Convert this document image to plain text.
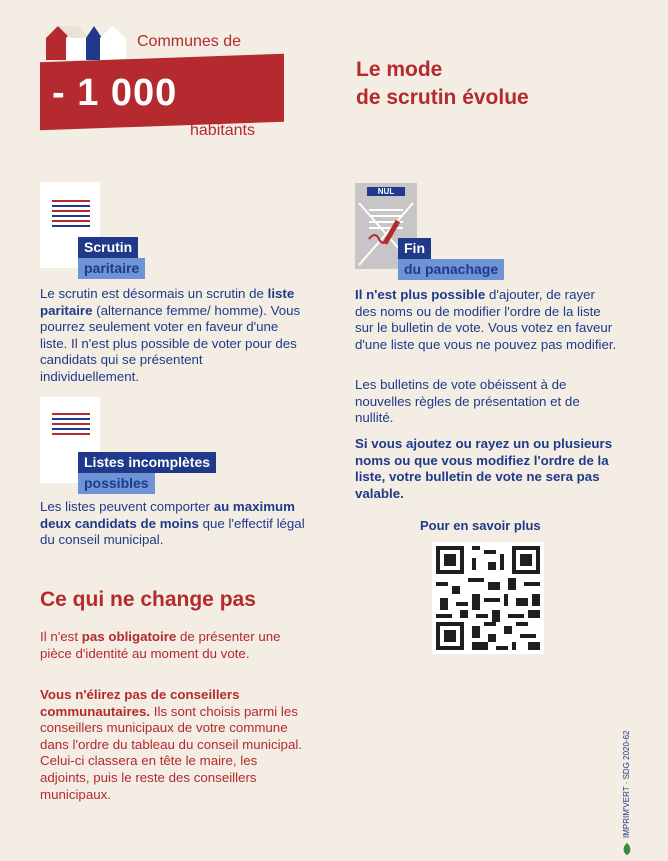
- 1 000
Communes de
habitants
Le mode
de scrutin évolue
Scrutin
paritaire

Le scrutin est désormais un scrutin de liste paritaire (alternance femme/ homme). Vous pourrez seulement voter en faveur d'une liste. Il n'est plus possible de voter pour des candidats qui se présentent individuellement.

Listes incomplètes
possibles

Les listes peuvent comporter au maximum deux candidats de moins que l'effectif légal du conseil municipal.

NUL
Fin
du panachage

Il n'est plus possible d'ajouter, de rayer des noms ou de modifier l'ordre de la liste sur le bulletin de vote. Vous votez en faveur d'une liste que vous ne pouvez pas modifier.

Les bulletins de vote obéissent à de nouvelles règles de présentation et de nullité.

Si vous ajoutez ou rayez un ou plusieurs noms ou que vous modifiez l'ordre de la liste, votre bulletin de vote ne sera pas valable.

Pour en savoir plus
Ce qui ne change pas

Il n'est pas obligatoire de présenter une pièce d'identité au moment du vote.

Vous n'élirez pas de conseillers communautaires. Ils sont choisis parmi les conseillers municipaux de votre commune dans l'ordre du tableau du conseil municipal. Celui-ci classera en tête le maire, les adjoints, puis le reste des conseillers municipaux.	IMPRIM'VERT · SDG 2020-62
